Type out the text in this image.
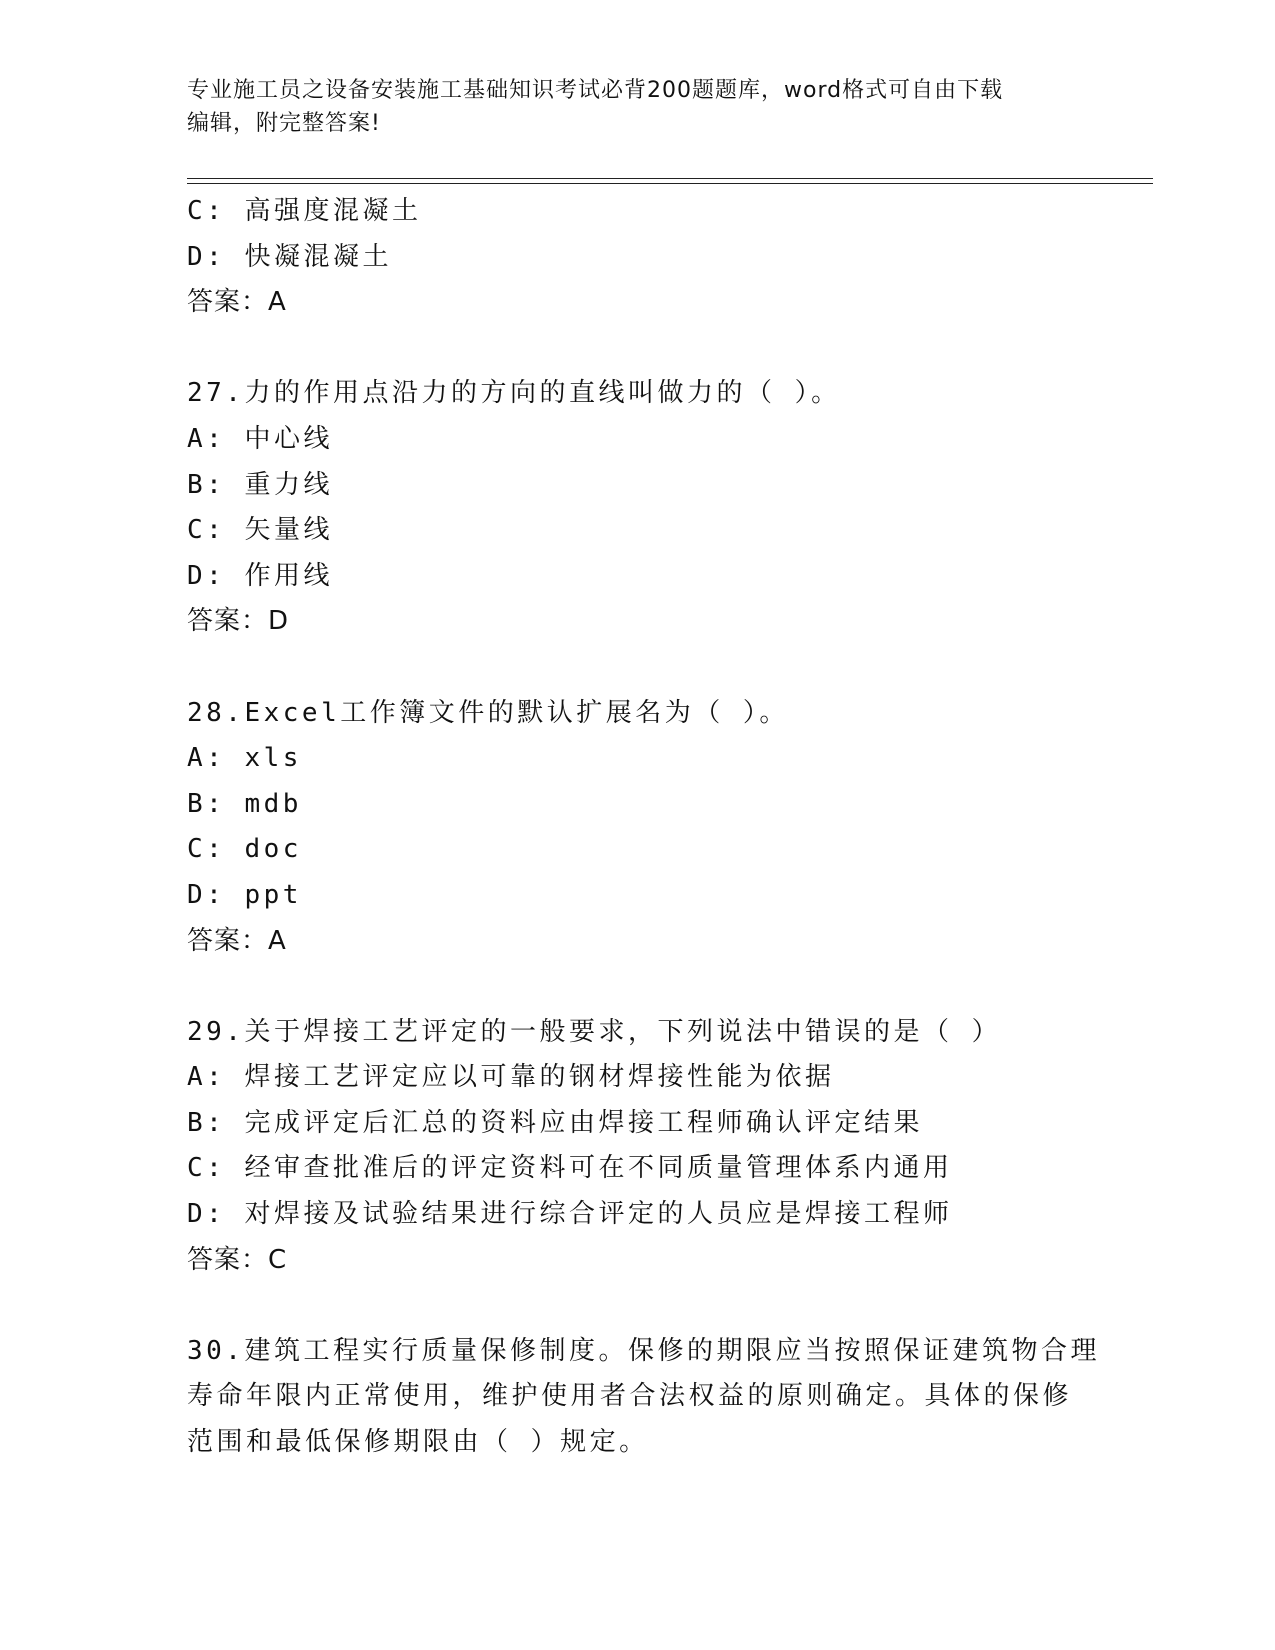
专业施工员之设备安装施工基础知识考试必背200题题库，word格式可自由下载
编辑，附完整答案!
C: 高强度混凝土
D: 快凝混凝土
答案：A
27.力的作用点沿力的方向的直线叫做力的（ ）。
A: 中心线
B: 重力线
C: 矢量线
D: 作用线
答案：D
28.Excel工作簿文件的默认扩展名为（ ）。
A: xls
B: mdb
C: doc
D: ppt
答案：A
29.关于焊接工艺评定的一般要求，下列说法中错误的是（ ）
A: 焊接工艺评定应以可靠的钢材焊接性能为依据
B: 完成评定后汇总的资料应由焊接工程师确认评定结果
C: 经审查批准后的评定资料可在不同质量管理体系内通用
D: 对焊接及试验结果进行综合评定的人员应是焊接工程师
答案：C
30.建筑工程实行质量保修制度。保修的期限应当按照保证建筑物合理
寿命年限内正常使用，维护使用者合法权益的原则确定。具体的保修
范围和最低保修期限由（ ）规定。
